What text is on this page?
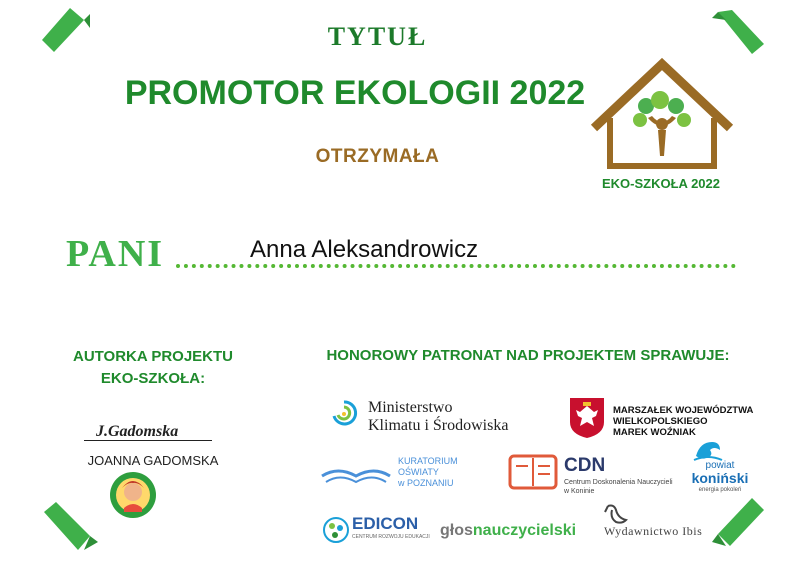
TYTUŁ
PROMOTOR EKOLOGII 2022
OTRZYMAŁA
EKO-SZKOŁA 2022
PANI	Anna Aleksandrowicz
AUTORKA PROJEKTU
EKO-SZKOŁA:
J.Gadomska
JOANNA GADOMSKA
HONOROWY PATRONAT NAD PROJEKTEM SPRAWUJE:
Ministerstwo
Klimatu i Środowiska
MARSZAŁEK WOJEWÓDZTWA
WIELKOPOLSKIEGO
MAREK WOŹNIAK
KURATORIUM
OŚWIATY
w POZNANIU
CDN
Centrum Doskonalenia Nauczycieli
w Koninie
powiat
koniński
energia pokoleń
EDICON
CENTRUM ROZWOJU EDUKACJI głosnauczycielski Wydawnictwo Ibis
